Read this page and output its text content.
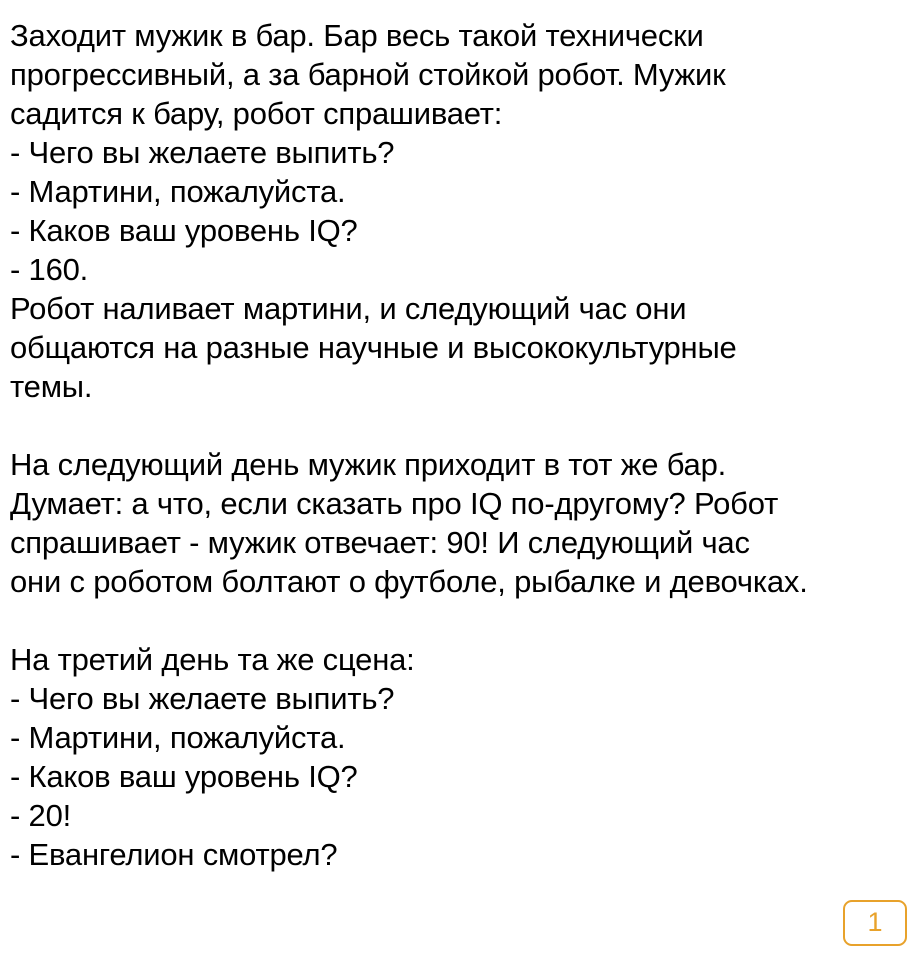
Заходит мужик в бар. Бар весь такой технически
прогрессивный, а за барной стойкой робот. Мужик
садится к бару, робот спрашивает:
- Чего вы желаете выпить?
- Мартини, пожалуйста.
- Каков ваш уровень IQ?
- 160.
Робот наливает мартини, и следующий час они
общаются на разные научные и высококультурные
темы.
На следующий день мужик приходит в тот же бар.
Думает: а что, если сказать про IQ по-другому? Робот
спрашивает - мужик отвечает: 90! И следующий час
они с роботом болтают о футболе, рыбалке и девочках.
На третий день та же сцена:
- Чего вы желаете выпить?
- Мартини, пожалуйста.
- Каков ваш уровень IQ?
- 20!
- Евангелион смотрел?
1
